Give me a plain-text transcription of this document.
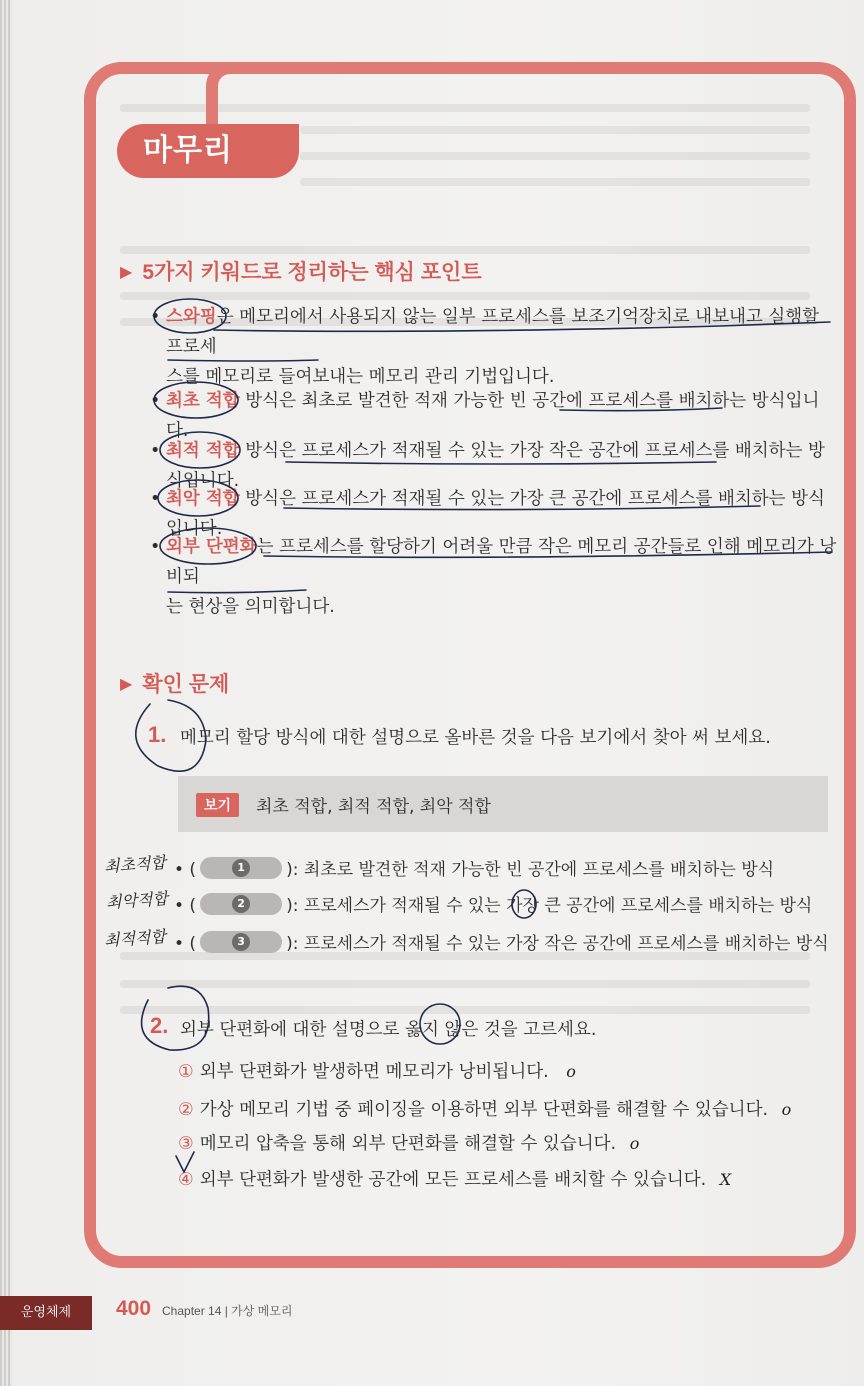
마무리
▶ 5가지 키워드로 정리하는 핵심 포인트
• 스와핑은 메모리에서 사용되지 않는 일부 프로세스를 보조기억장치로 내보내고 실행할 프로세
스를 메모리로 들여보내는 메모리 관리 기법입니다.
• 최초 적합 방식은 최초로 발견한 적재 가능한 빈 공간에 프로세스를 배치하는 방식입니다.
• 최적 적합 방식은 프로세스가 적재될 수 있는 가장 작은 공간에 프로세스를 배치하는 방식입니다.
• 최악 적합 방식은 프로세스가 적재될 수 있는 가장 큰 공간에 프로세스를 배치하는 방식입니다.
• 외부 단편화는 프로세스를 할당하기 어려울 만큼 작은 메모리 공간들로 인해 메모리가 낭비되
는 현상을 의미합니다.
▶ 확인 문제
1. 메모리 할당 방식에 대한 설명으로 올바른 것을 다음 보기에서 찾아 써 보세요.
보기	최초 적합, 최적 적합, 최악 적합
• (	1	): 최초로 발견한 적재 가능한 빈 공간에 프로세스를 배치하는 방식
• (	2	): 프로세스가 적재될 수 있는 가장 큰 공간에 프로세스를 배치하는 방식
• (	3	): 프로세스가 적재될 수 있는 가장 작은 공간에 프로세스를 배치하는 방식
최초적합
최악적합
최적적합
2. 외부 단편화에 대한 설명으로 옳지 않은 것을 고르세요.
① 외부 단편화가 발생하면 메모리가 낭비됩니다. o
② 가상 메모리 기법 중 페이징을 이용하면 외부 단편화를 해결할 수 있습니다. o
③ 메모리 압축을 통해 외부 단편화를 해결할 수 있습니다. o
④ 외부 단편화가 발생한 공간에 모든 프로세스를 배치할 수 있습니다. X
운영체제	400 Chapter 14 | 가상 메모리
